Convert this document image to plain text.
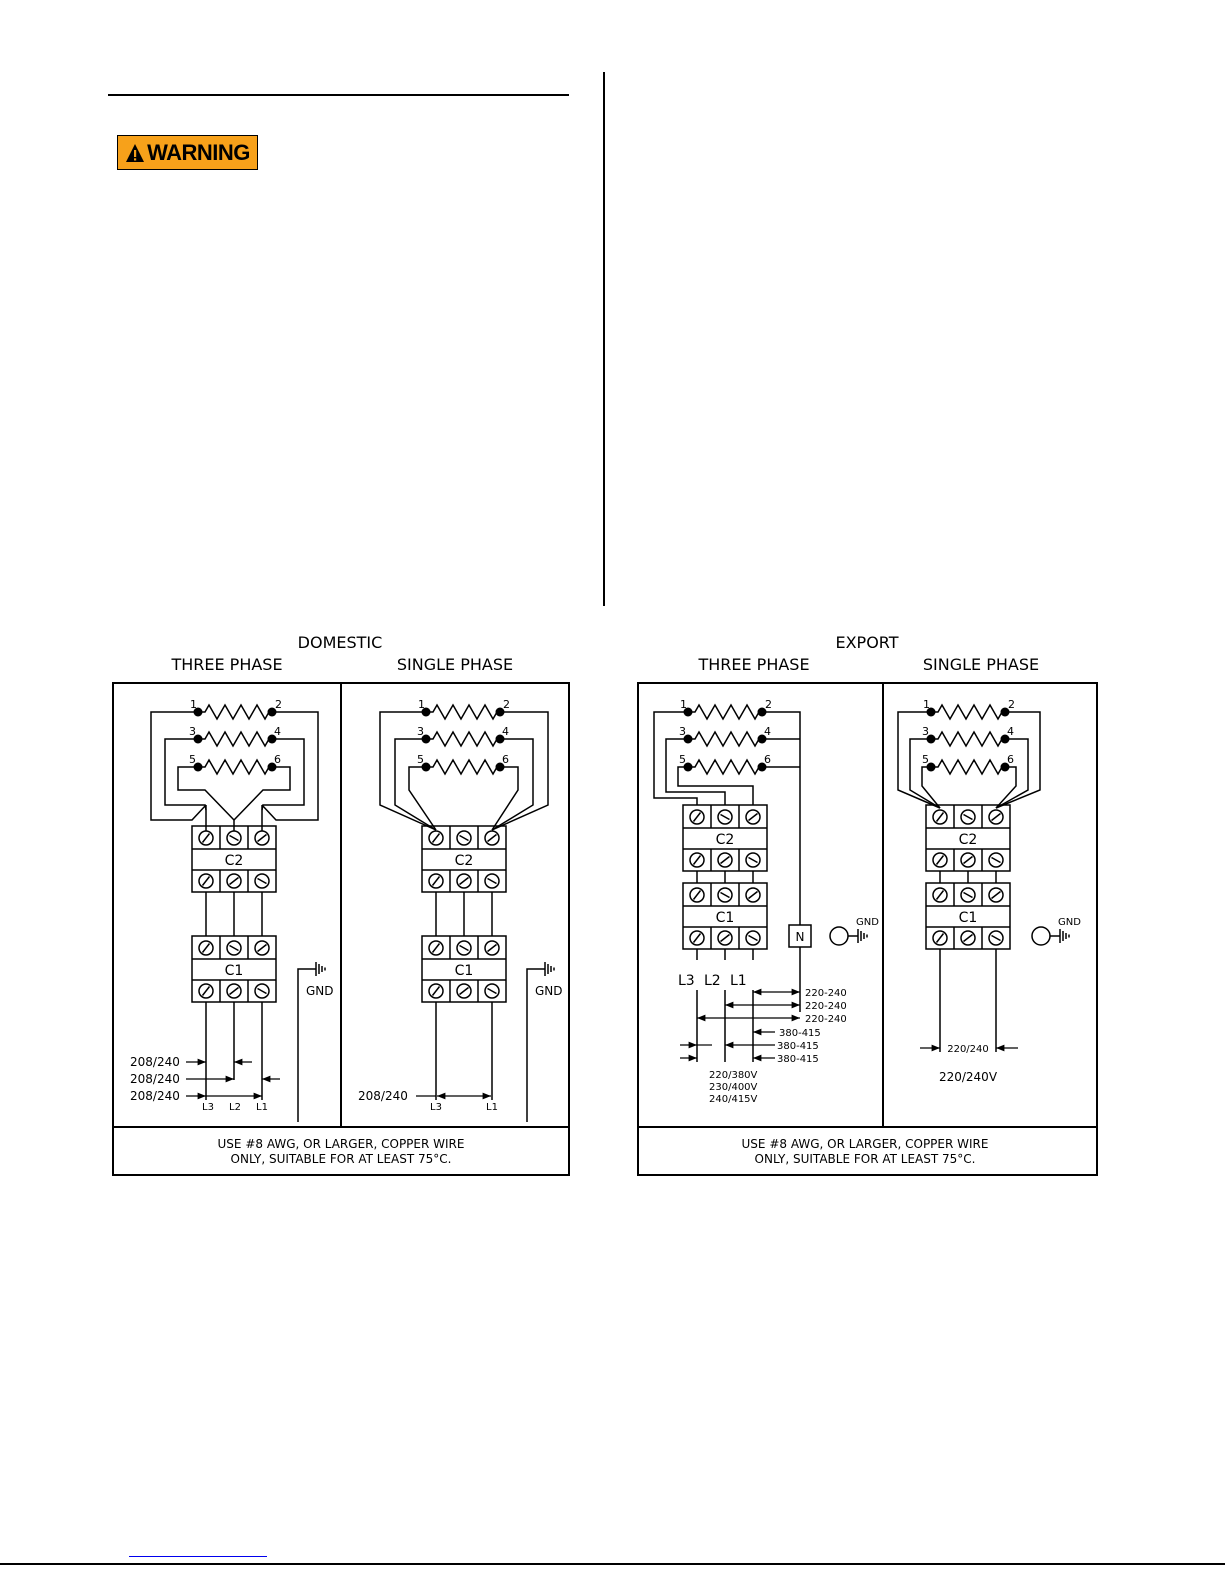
WARNING
DOMESTIC
THREE PHASE	SINGLE PHASE
EXPORT
THREE PHASE	SINGLE PHASE
USE #8 AWG, OR LARGER, COPPER WIRE
ONLY, SUITABLE FOR AT LEAST 75°C.
1	2
3	4
5	6
C2
C1
GND
208/240
208/240
208/240
L3 L2 L1
1	2
3	4
5	6
C2
C1
GND
208/240
L3	L1
USE #8 AWG, OR LARGER, COPPER WIRE
ONLY, SUITABLE FOR AT LEAST 75°C.
1	2
3	4
5	6
C2
C1
N
GND
L3 L2 L1
220-240
220-240
220-240
380-415
380-415
380-415
220/380V
230/400V
240/415V
1	2
3	4
5	6
C2
C1	GND
220/240
220/240V
